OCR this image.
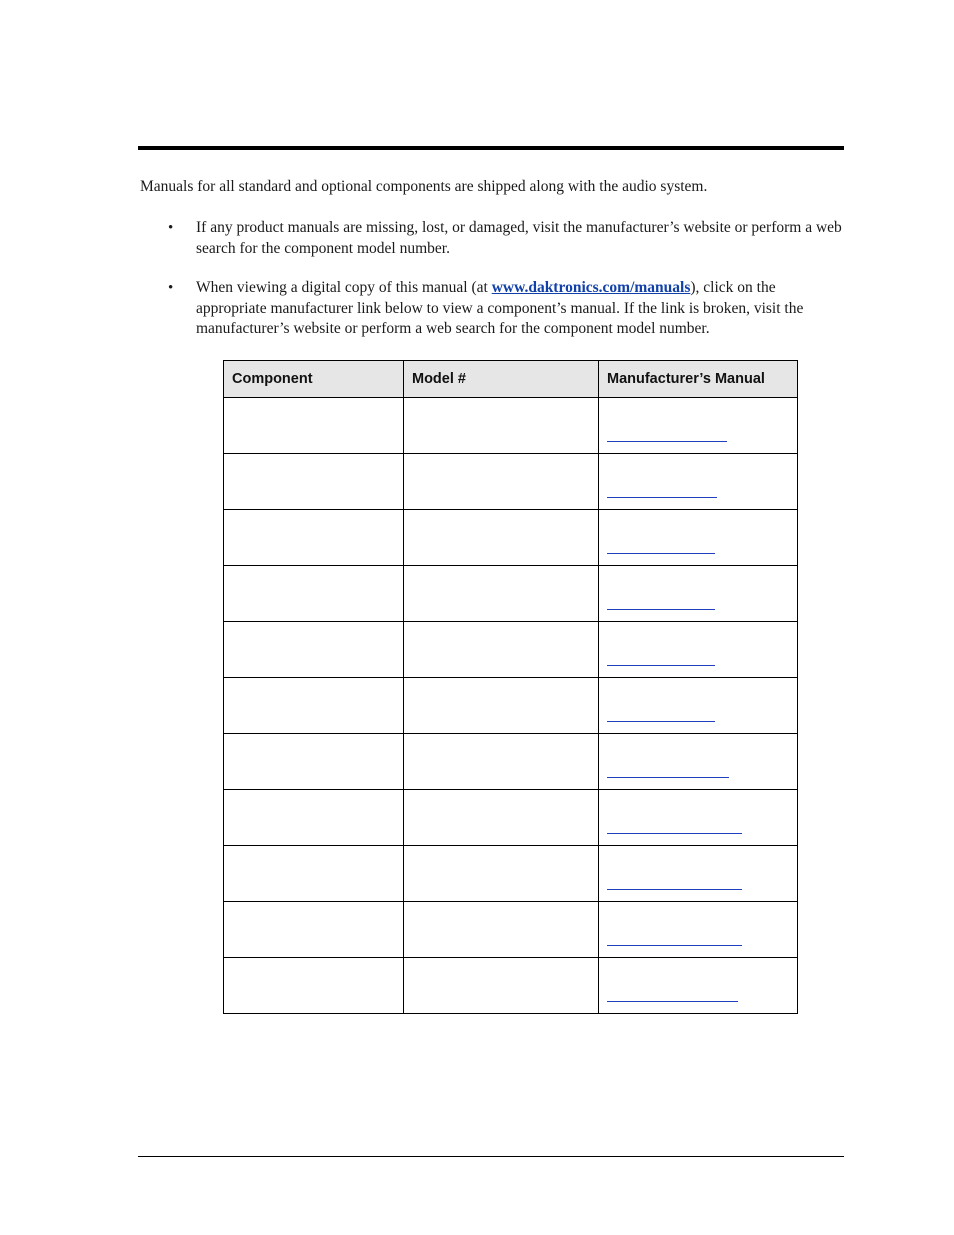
Manuals for all standard and optional components are shipped along with the audio system.

• If any product manuals are missing, lost, or damaged, visit the manufacturer’s website or perform a web search for the component model number.
• When viewing a digital copy of this manual (at www.daktronics.com/manuals), click on the appropriate manufacturer link below to view a component’s manual. If the link is broken, visit the manufacturer’s website or perform a web search for the component model number.
Component	Model #	Manufacturer’s Manual
